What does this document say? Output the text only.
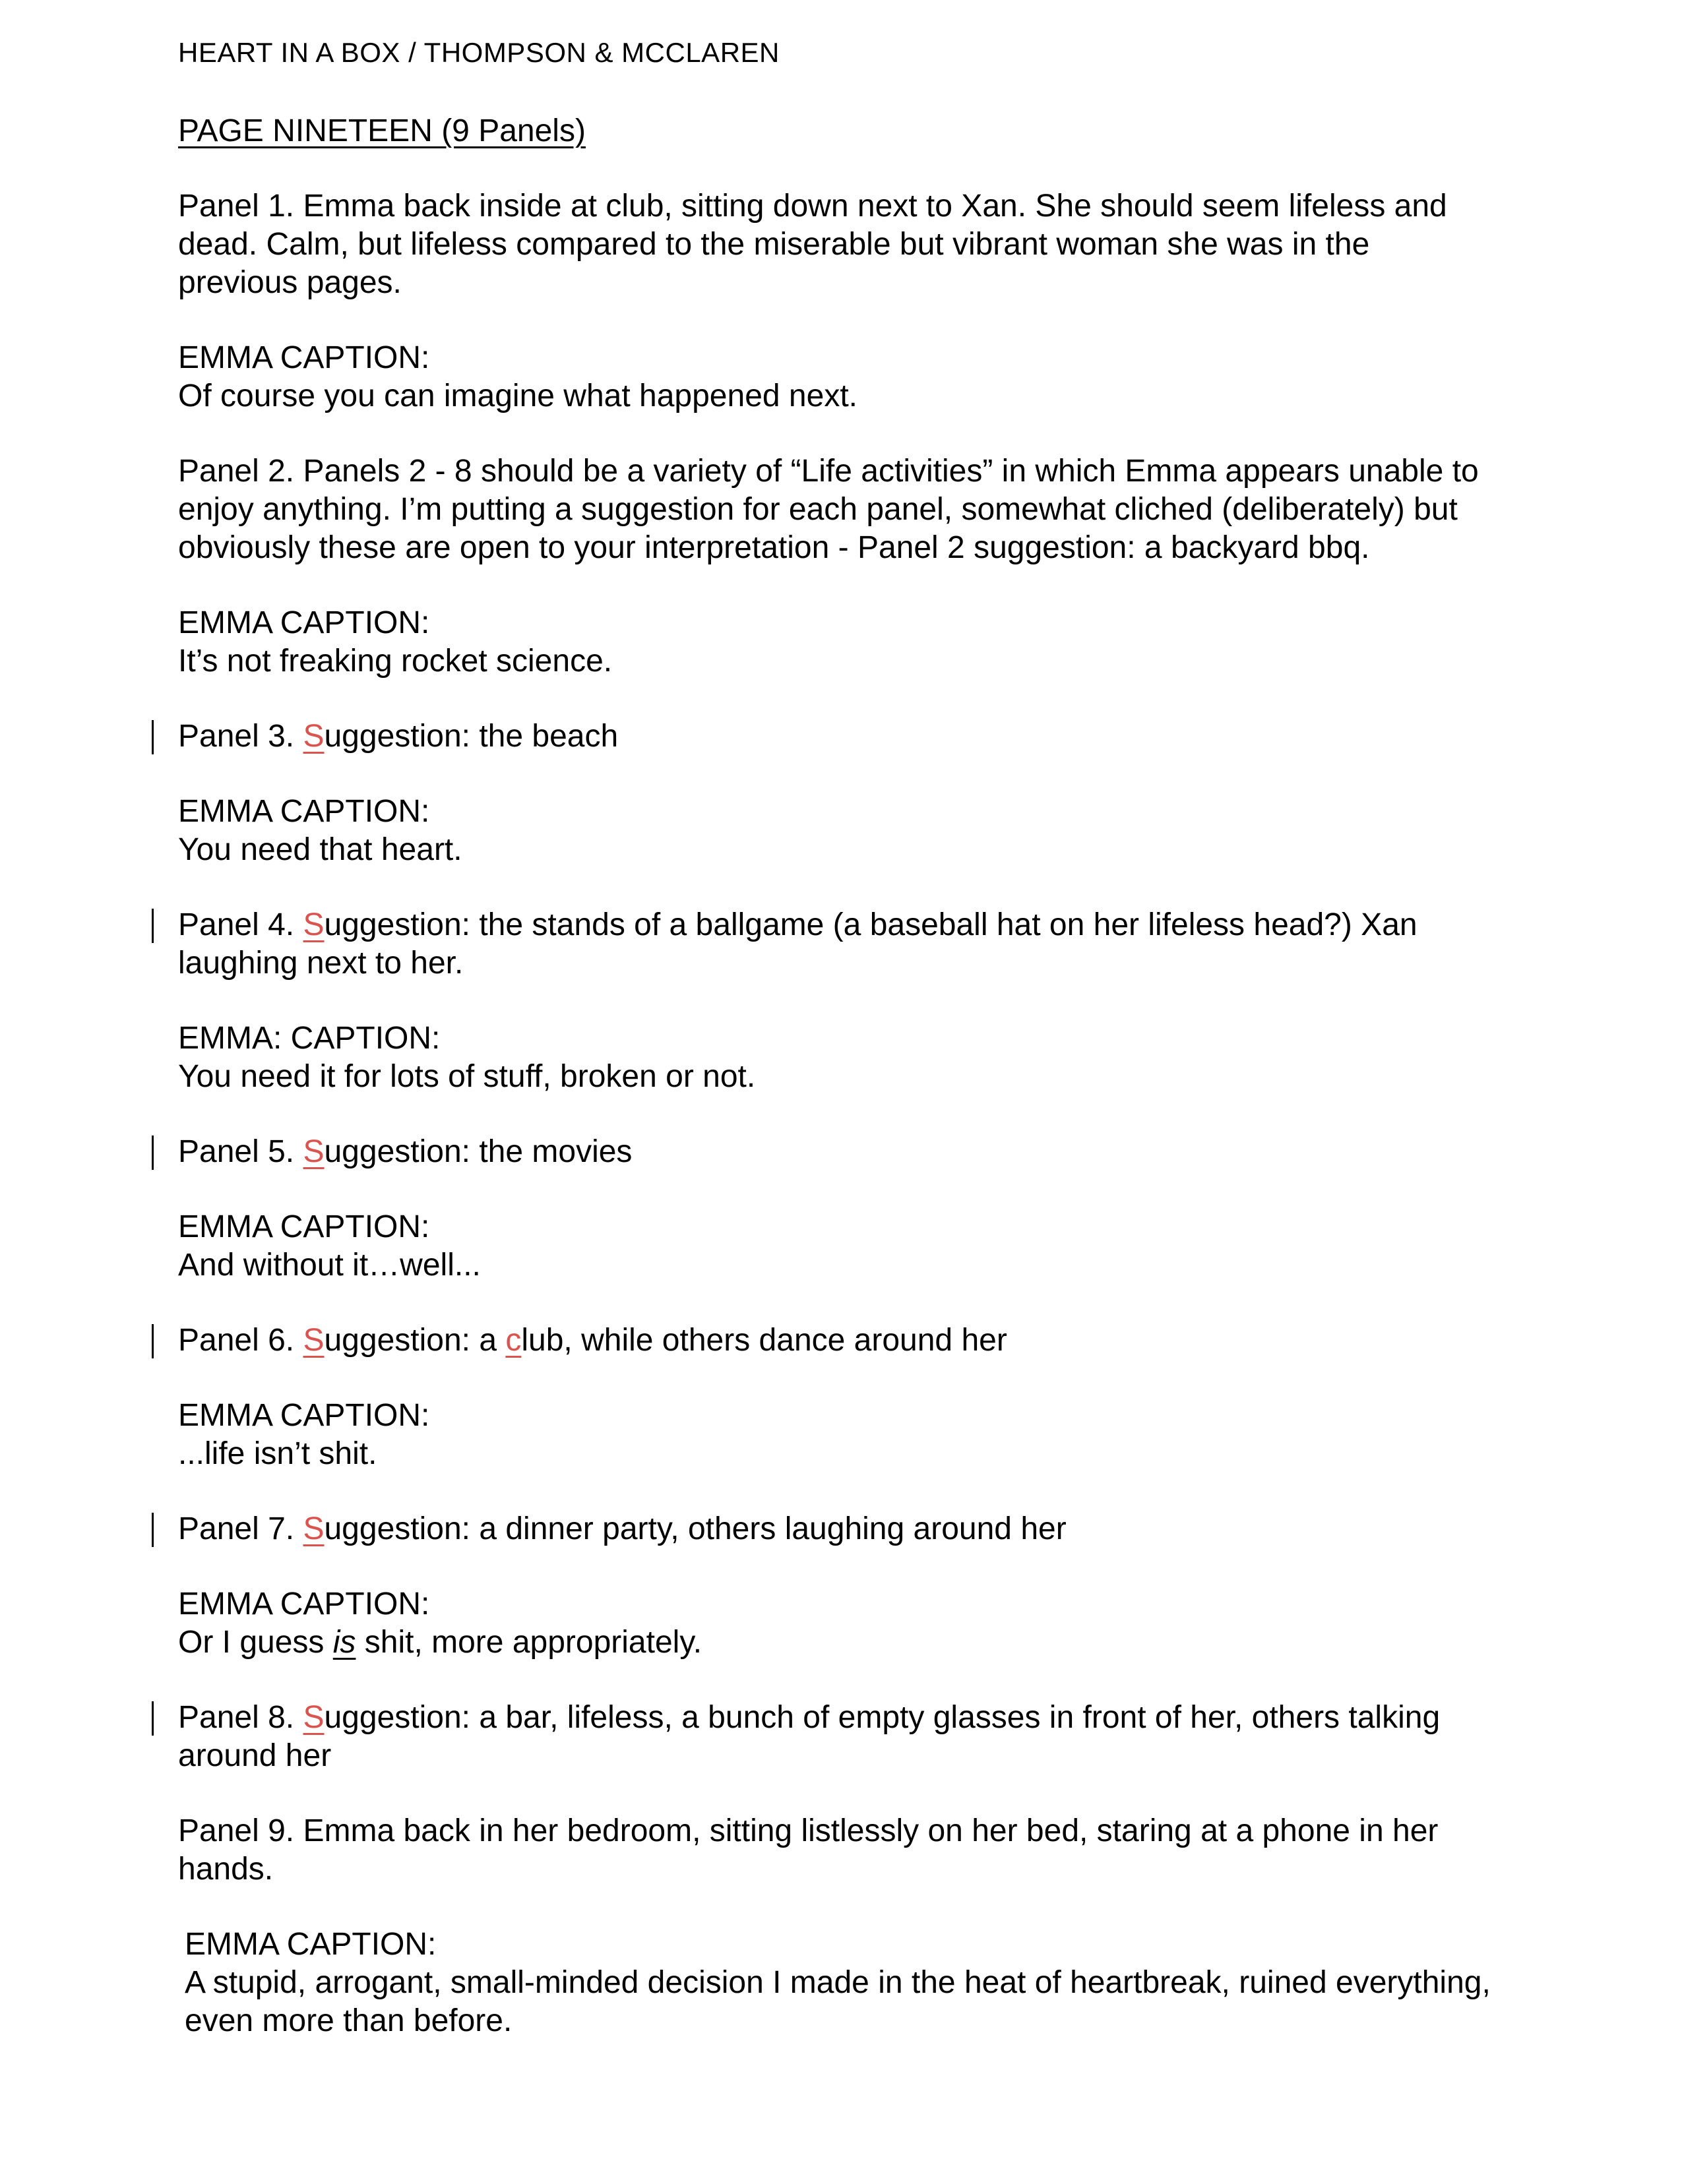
HEART IN A BOX / THOMPSON & MCCLAREN
PAGE NINETEEN (9 Panels)
Panel 1. Emma back inside at club, sitting down next to Xan. She should seem lifeless and dead. Calm, but lifeless compared to the miserable but vibrant woman she was in the previous pages.
EMMA CAPTION:
Of course you can imagine what happened next.
Panel 2. Panels 2 - 8 should be a variety of “Life activities” in which Emma appears unable to enjoy anything. I’m putting a suggestion for each panel, somewhat cliched (deliberately) but obviously these are open to your interpretation - Panel 2 suggestion: a backyard bbq.
EMMA CAPTION:
It’s not freaking rocket science.
Panel 3. Suggestion: the beach
EMMA CAPTION:
You need that heart.
Panel 4. Suggestion: the stands of a ballgame (a baseball hat on her lifeless head?) Xan laughing next to her.
EMMA: CAPTION:
You need it for lots of stuff, broken or not.
Panel 5. Suggestion: the movies
EMMA CAPTION:
And without it…well...
Panel 6. Suggestion: a club, while others dance around her
EMMA CAPTION:
...life isn’t shit.
Panel 7. Suggestion: a dinner party, others laughing around her
EMMA CAPTION:
Or I guess is shit, more appropriately.
Panel 8. Suggestion: a bar, lifeless, a bunch of empty glasses in front of her, others talking around her
Panel 9. Emma back in her bedroom, sitting listlessly on her bed, staring at a phone in her hands.
EMMA CAPTION:
A stupid, arrogant, small-minded decision I made in the heat of heartbreak, ruined everything, even more than before.
